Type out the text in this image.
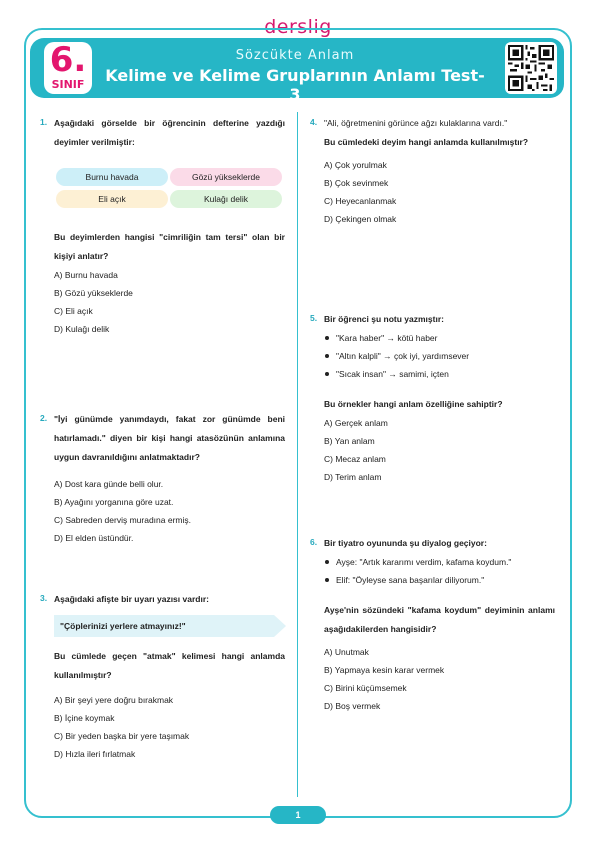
derslig
6.
SINIF
Sözcükte Anlam
Kelime ve Kelime Gruplarının Anlamı Test- 3
1. Aşağıdaki görselde bir öğrencinin defterine yazdığı deyimler verilmiştir:
Burnu havada	Gözü yükseklerde
Eli açık	Kulağı delik
Bu deyimlerden hangisi "cimriliğin tam tersi" olan bir kişiyi anlatır?
A) Burnu havada
B) Gözü yükseklerde
C) Eli açık
D) Kulağı delik
2. "İyi günümde yanımdaydı, fakat zor günümde beni hatırlamadı." diyen bir kişi hangi atasözünün anlamına uygun davranıldığını anlatmaktadır?
A) Dost kara günde belli olur.
B) Ayağını yorganına göre uzat.
C) Sabreden derviş muradına ermiş.
D) El elden üstündür.
3. Aşağıdaki afişte bir uyarı yazısı vardır:
"Çöplerinizi yerlere atmayınız!"
Bu cümlede geçen "atmak" kelimesi hangi anlamda kullanılmıştır?
A) Bir şeyi yere doğru bırakmak
B) İçine koymak
C) Bir yeden başka bir yere taşımak
D) Hızla ileri fırlatmak
4. "Ali, öğretmenini görünce ağzı kulaklarına vardı."
Bu cümledeki deyim hangi anlamda kullanılmıştır?
A) Çok yorulmak
B) Çok sevinmek
C) Heyecanlanmak
D) Çekingen olmak
5. Bir öğrenci şu notu yazmıştır:
"Kara haber" → kötü haber
"Altın kalpli" → çok iyi, yardımsever
"Sıcak insan" → samimi, içten
Bu örnekler hangi anlam özelliğine sahiptir?
A) Gerçek anlam
B) Yan anlam
C) Mecaz anlam
D) Terim anlam
6. Bir tiyatro oyununda şu diyalog geçiyor:
Ayşe: "Artık kararımı verdim, kafama koydum."
Elif: "Öyleyse sana başarılar diliyorum."
Ayşe'nin sözündeki "kafama koydum" deyiminin anlamı aşağıdakilerden hangisidir?
A) Unutmak
B) Yapmaya kesin karar vermek
C) Birini küçümsemek
D) Boş vermek
1
